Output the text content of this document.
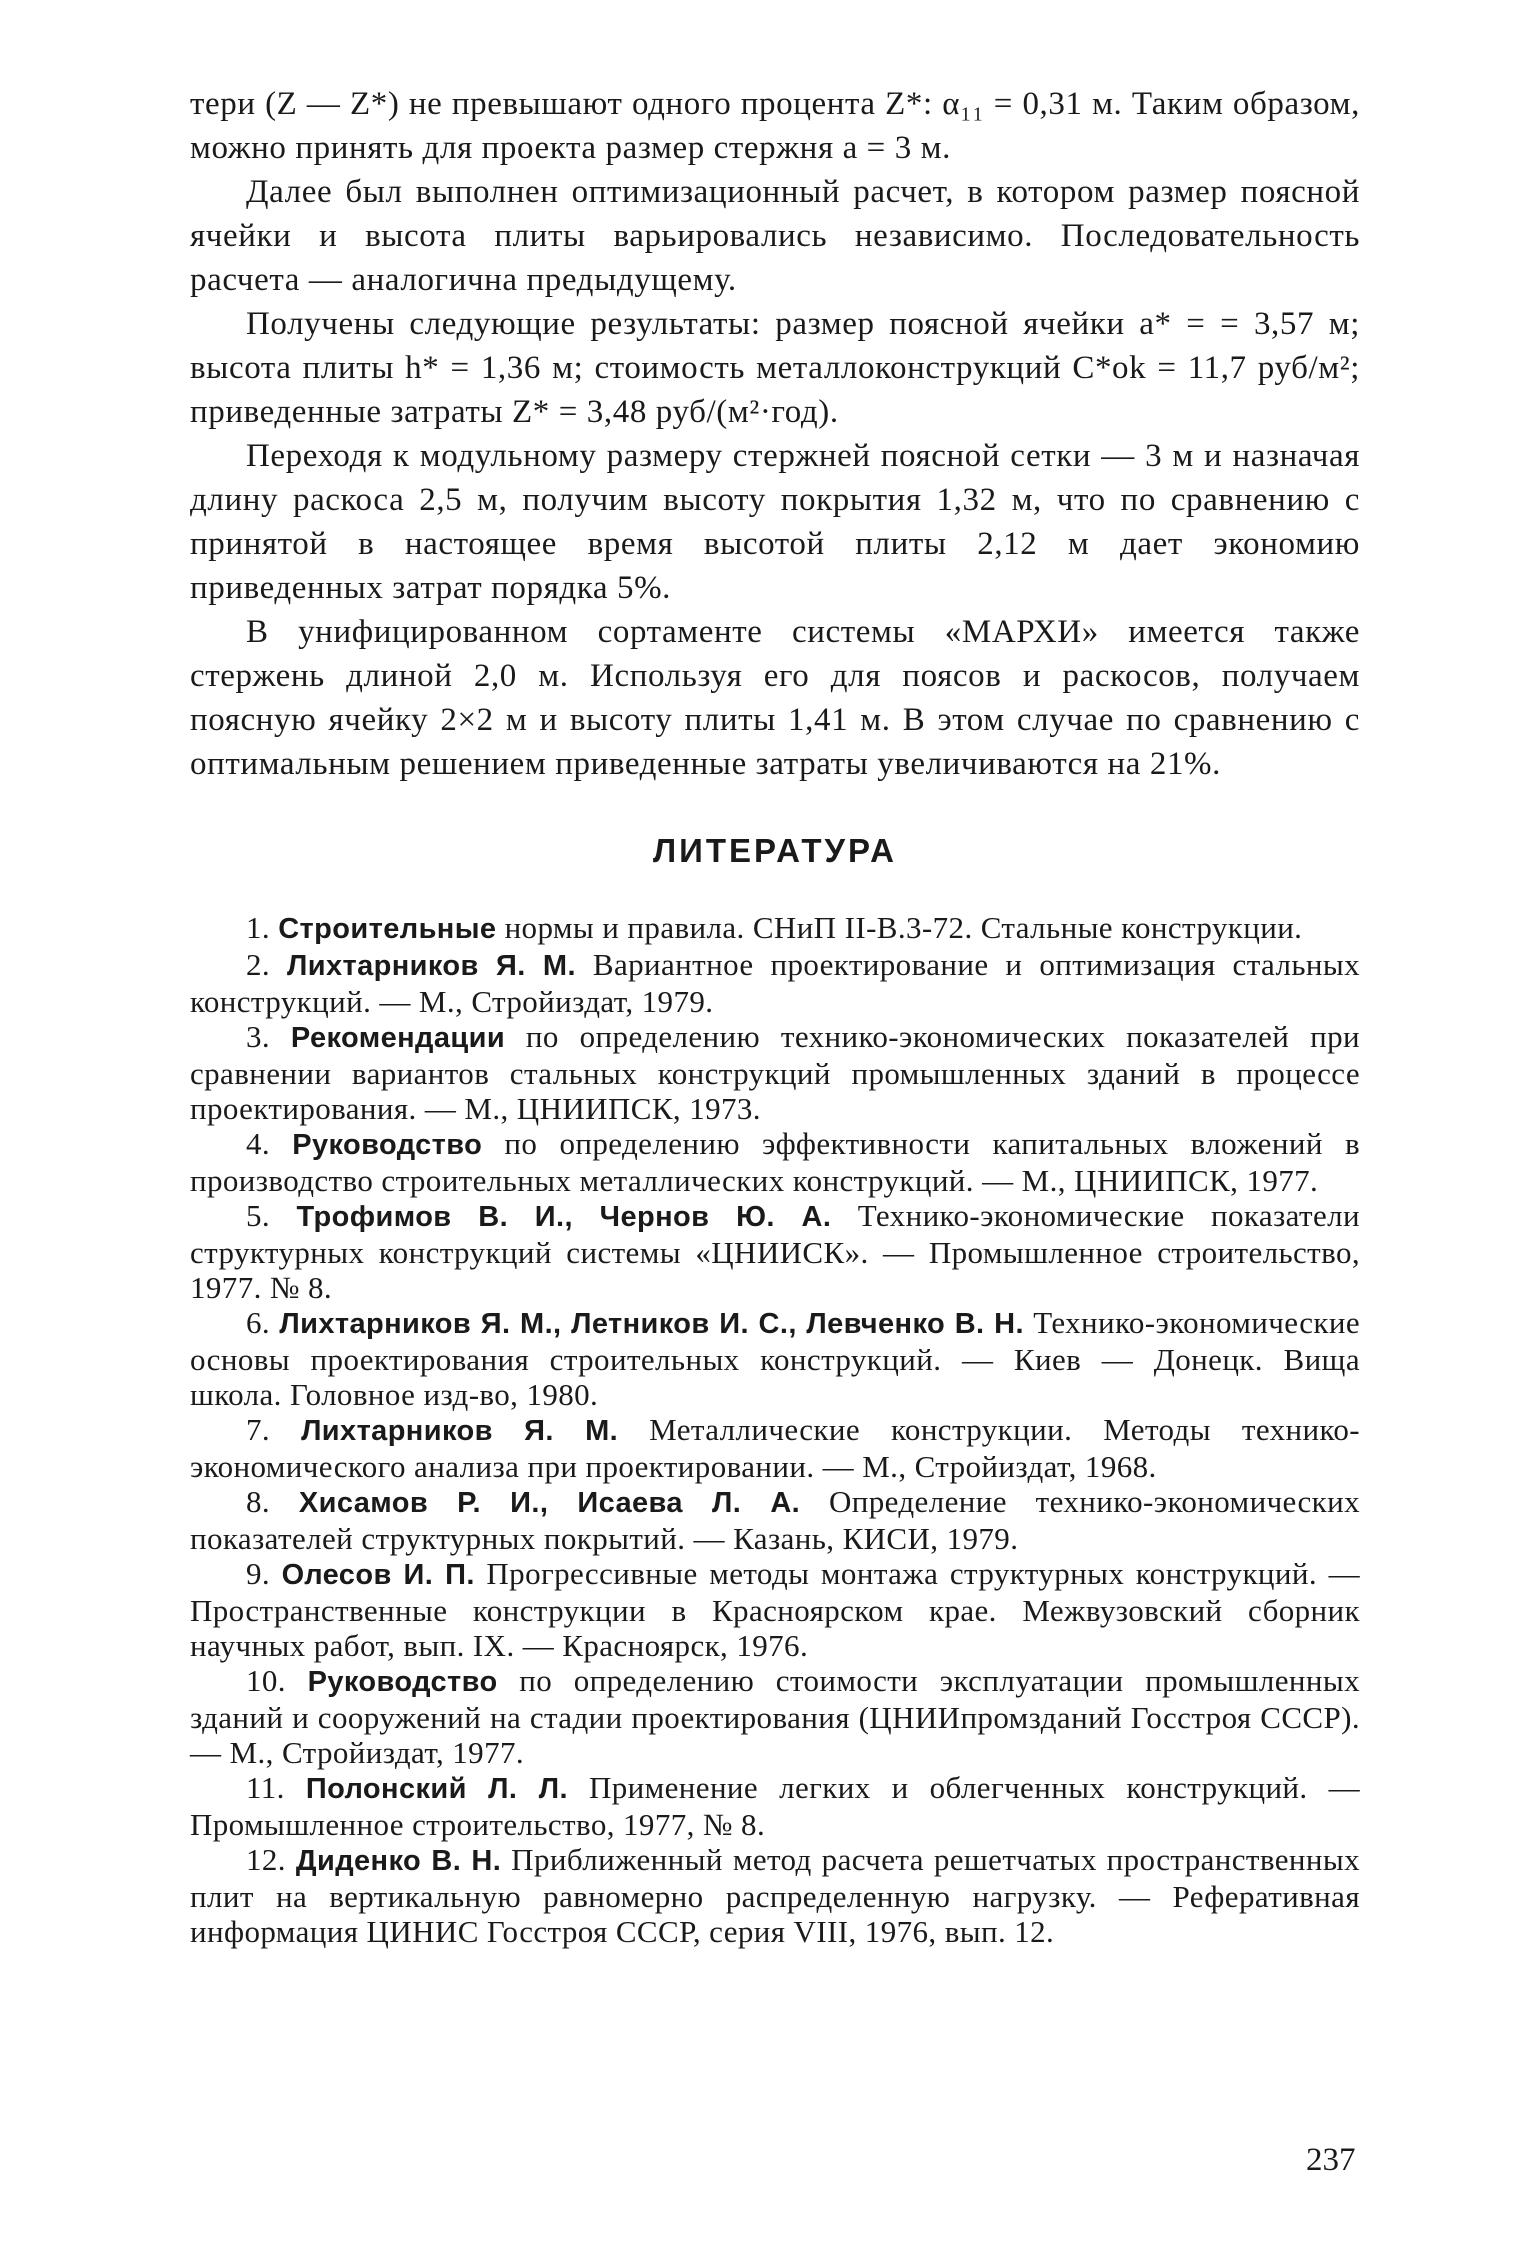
тери (Z — Z*) не превышают одного процента Z*: α₁₁ = 0,31 м. Таким образом, можно принять для проекта размер стержня a = 3 м.

Далее был выполнен оптимизационный расчет, в котором размер поясной ячейки и высота плиты варьировались независимо. Последовательность расчета — аналогична предыдущему.

Получены следующие результаты: размер поясной ячейки a* = = 3,57 м; высота плиты h* = 1,36 м; стоимость металлоконструкций C*ok = 11,7 руб/м²; приведенные затраты Z* = 3,48 руб/(м²·год).

Переходя к модульному размеру стержней поясной сетки — 3 м и назначая длину раскоса 2,5 м, получим высоту покрытия 1,32 м, что по сравнению с принятой в настоящее время высотой плиты 2,12 м дает экономию приведенных затрат порядка 5%.

В унифицированном сортаменте системы «МАРХИ» имеется также стержень длиной 2,0 м. Используя его для поясов и раскосов, получаем поясную ячейку 2×2 м и высоту плиты 1,41 м. В этом случае по сравнению с оптимальным решением приведенные затраты увеличиваются на 21%.

ЛИТЕРАТУРА
1. Строительные нормы и правила. СНиП II-В.3-72. Стальные конструкции.
2. Лихтарников Я. М. Вариантное проектирование и оптимизация стальных конструкций. — М., Стройиздат, 1979.
3. Рекомендации по определению технико-экономических показателей при сравнении вариантов стальных конструкций промышленных зданий в процессе проектирования. — М., ЦНИИПСК, 1973.
4. Руководство по определению эффективности капитальных вложений в производство строительных металлических конструкций. — М., ЦНИИПСК, 1977.
5. Трофимов В. И., Чернов Ю. А. Технико-экономические показатели структурных конструкций системы «ЦНИИСК». — Промышленное строительство, 1977. № 8.
6. Лихтарников Я. М., Летников И. С., Левченко В. Н. Технико-экономические основы проектирования строительных конструкций. — Киев — Донецк. Вища школа. Головное изд-во, 1980.
7. Лихтарников Я. М. Металлические конструкции. Методы технико-экономического анализа при проектировании. — М., Стройиздат, 1968.
8. Хисамов Р. И., Исаева Л. А. Определение технико-экономических показателей структурных покрытий. — Казань, КИСИ, 1979.
9. Олесов И. П. Прогрессивные методы монтажа структурных конструкций. — Пространственные конструкции в Красноярском крае. Межвузовский сборник научных работ, вып. IX. — Красноярск, 1976.
10. Руководство по определению стоимости эксплуатации промышленных зданий и сооружений на стадии проектирования (ЦНИИпромзданий Госстроя СССР). — М., Стройиздат, 1977.
11. Полонский Л. Л. Применение легких и облегченных конструкций. — Промышленное строительство, 1977, № 8.
12. Диденко В. Н. Приближенный метод расчета решетчатых пространственных плит на вертикальную равномерно распределенную нагрузку. — Реферативная информация ЦИНИС Госстроя СССР, серия VIII, 1976, вып. 12.
237
